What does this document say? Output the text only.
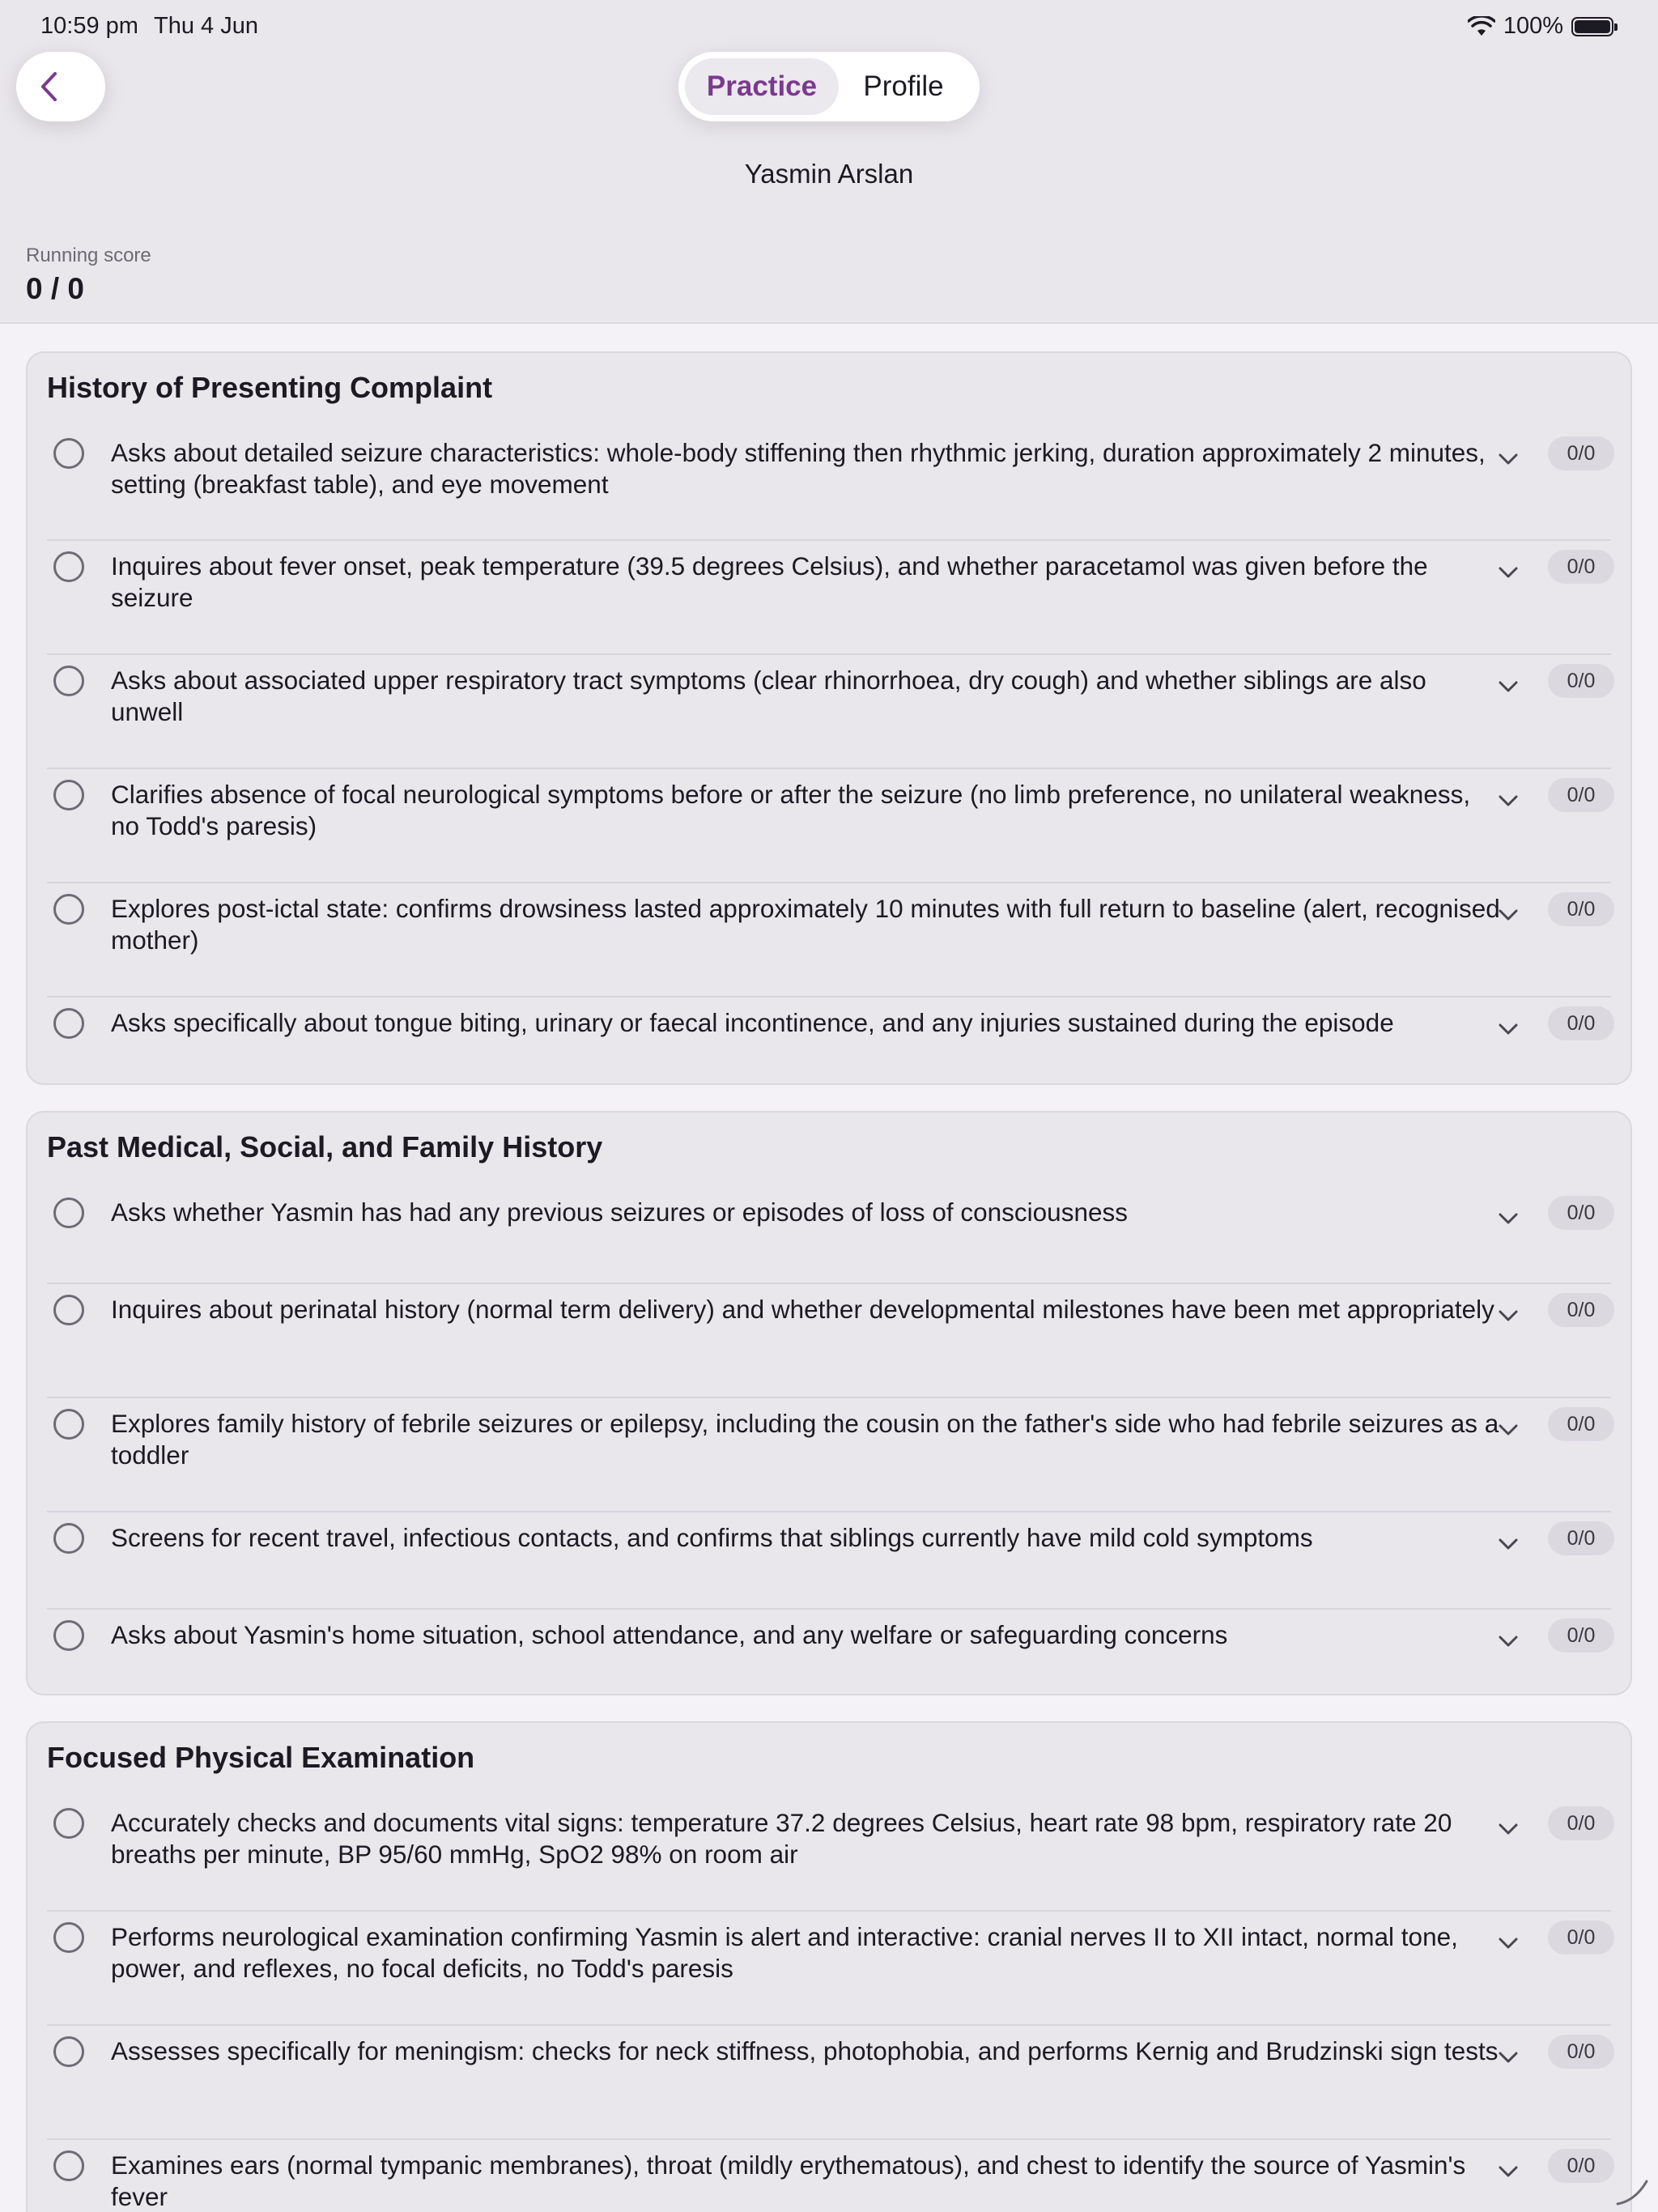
10:59 pm Thu 4 Jun	100%
Practice	Profile
Yasmin Arslan
Running score
0 / 0
History of Presenting Complaint
Asks about detailed seizure characteristics: whole-body stiffening then rhythmic jerking, duration approximately 2 minutes, setting (breakfast table), and eye movement
0/0
Inquires about fever onset, peak temperature (39.5 degrees Celsius), and whether paracetamol was given before the seizure
0/0
Asks about associated upper respiratory tract symptoms (clear rhinorrhoea, dry cough) and whether siblings are also unwell
0/0
Clarifies absence of focal neurological symptoms before or after the seizure (no limb preference, no unilateral weakness, no Todd's paresis)
0/0
Explores post-ictal state: confirms drowsiness lasted approximately 10 minutes with full return to baseline (alert, recognised mother)
0/0
Asks specifically about tongue biting, urinary or faecal incontinence, and any injuries sustained during the episode	0/0
Past Medical, Social, and Family History
Asks whether Yasmin has had any previous seizures or episodes of loss of consciousness	0/0
Inquires about perinatal history (normal term delivery) and whether developmental milestones have been met appropriately	0/0
Explores family history of febrile seizures or epilepsy, including the cousin on the father's side who had febrile seizures as a toddler
0/0
Screens for recent travel, infectious contacts, and confirms that siblings currently have mild cold symptoms	0/0
Asks about Yasmin's home situation, school attendance, and any welfare or safeguarding concerns	0/0
Focused Physical Examination
Accurately checks and documents vital signs: temperature 37.2 degrees Celsius, heart rate 98 bpm, respiratory rate 20 breaths per minute, BP 95/60 mmHg, SpO2 98% on room air
0/0
Performs neurological examination confirming Yasmin is alert and interactive: cranial nerves II to XII intact, normal tone, power, and reflexes, no focal deficits, no Todd's paresis
0/0
Assesses specifically for meningism: checks for neck stiffness, photophobia, and performs Kernig and Brudzinski sign tests	0/0
Examines ears (normal tympanic membranes), throat (mildly erythematous), and chest to identify the source of Yasmin's fever
0/0
